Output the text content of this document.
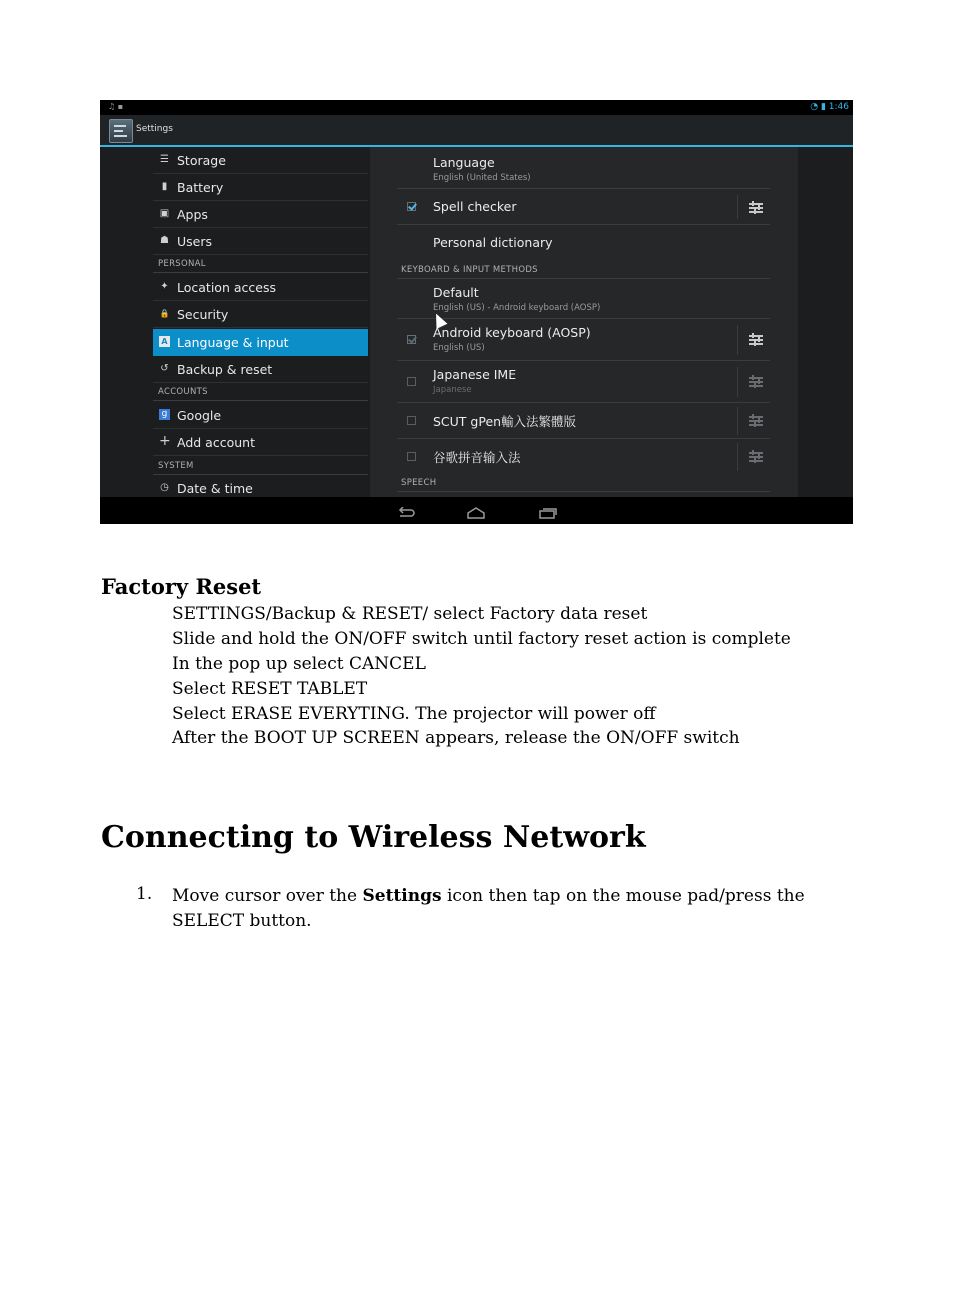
♫ ▪	◔ ▮ 1:46
Settings
☰ Storage
▮ Battery
▣ Apps
☗ Users
PERSONAL
✦ Location access
🔒 Security
A Language & input
↺ Backup & reset
ACCOUNTS
g Google
+ Add account
SYSTEM
◷ Date & time
Language
English (United States)
Spell checker
Personal dictionary
KEYBOARD & INPUT METHODS
Default
English (US) - Android keyboard (AOSP)
Android keyboard (AOSP)
English (US)
Japanese IME
Japanese
SCUT gPen輸入法繁體版
谷歌拼音输入法
SPEECH
Factory Reset
SETTINGS/Backup & RESET/ select Factory data reset
Slide and hold the ON/OFF switch until factory reset action is complete
In the pop up select CANCEL
Select RESET TABLET
Select ERASE EVERYTING. The projector will power off
After the BOOT UP SCREEN appears, release the ON/OFF switch
Connecting to Wireless Network
1. Move cursor over the Settings icon then tap on the mouse pad/press the SELECT button.
